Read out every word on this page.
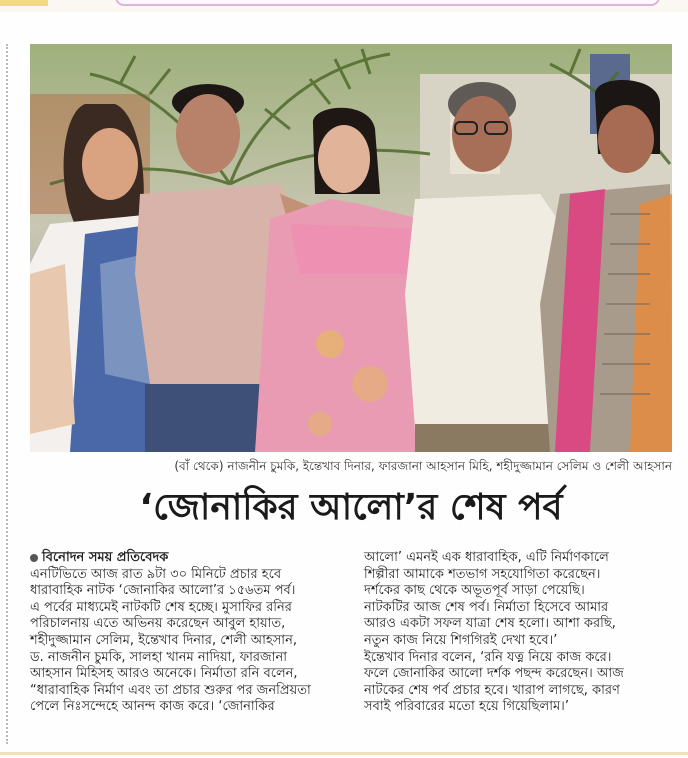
(বাঁ থেকে) নাজনীন চুমকি, ইন্তেখাব দিনার, ফারজানা আহসান মিহি, শহীদুজ্জামান সেলিম ও শেলী আহসান
‘জোনাকির আলো’র শেষ পর্ব
বিনোদন সময় প্রতিবেদক
এনটিভিতে আজ রাত ৯টা ৩০ মিনিটে প্রচার হবে
ধারাবাহিক নাটক ‘জোনাকির আলো’র ১৫৬তম পর্ব।
এ পর্বের মাধ্যমেই নাটকটি শেষ হচ্ছে। মুসাফির রনির
পরিচালনায় এতে অভিনয় করেছেন আবুল হায়াত,
শহীদুজ্জামান সেলিম, ইন্তেখাব দিনার, শেলী আহসান,
ড. নাজনীন চুমকি, সালহা খানম নাদিয়া, ফারজানা
আহসান মিহিসহ আরও অনেকে। নির্মাতা রনি বলেন,
“ধারাবাহিক নির্মাণ এবং তা প্রচার শুরুর পর জনপ্রিয়তা
পেলে নিঃসন্দেহে আনন্দ কাজ করে। ‘জোনাকির
আলো’ এমনই এক ধারাবাহিক, এটি নির্মাণকালে
শিল্পীরা আমাকে শতভাগ সহযোগিতা করেছেন।
দর্শকের কাছ থেকে অভূতপূর্ব সাড়া পেয়েছি।
নাটকটির আজ শেষ পর্ব। নির্মাতা হিসেবে আমার
আরও একটা সফল যাত্রা শেষ হলো। আশা করছি,
নতুন কাজ নিয়ে শিগগিরই দেখা হবে।’
ইন্তেখাব দিনার বলেন, ‘রনি যত্ন নিয়ে কাজ করে।
ফলে জোনাকির আলো দর্শক পছন্দ করেছেন। আজ
নাটকের শেষ পর্ব প্রচার হবে। খারাপ লাগছে, কারণ
সবাই পরিবারের মতো হয়ে গিয়েছিলাম।’
